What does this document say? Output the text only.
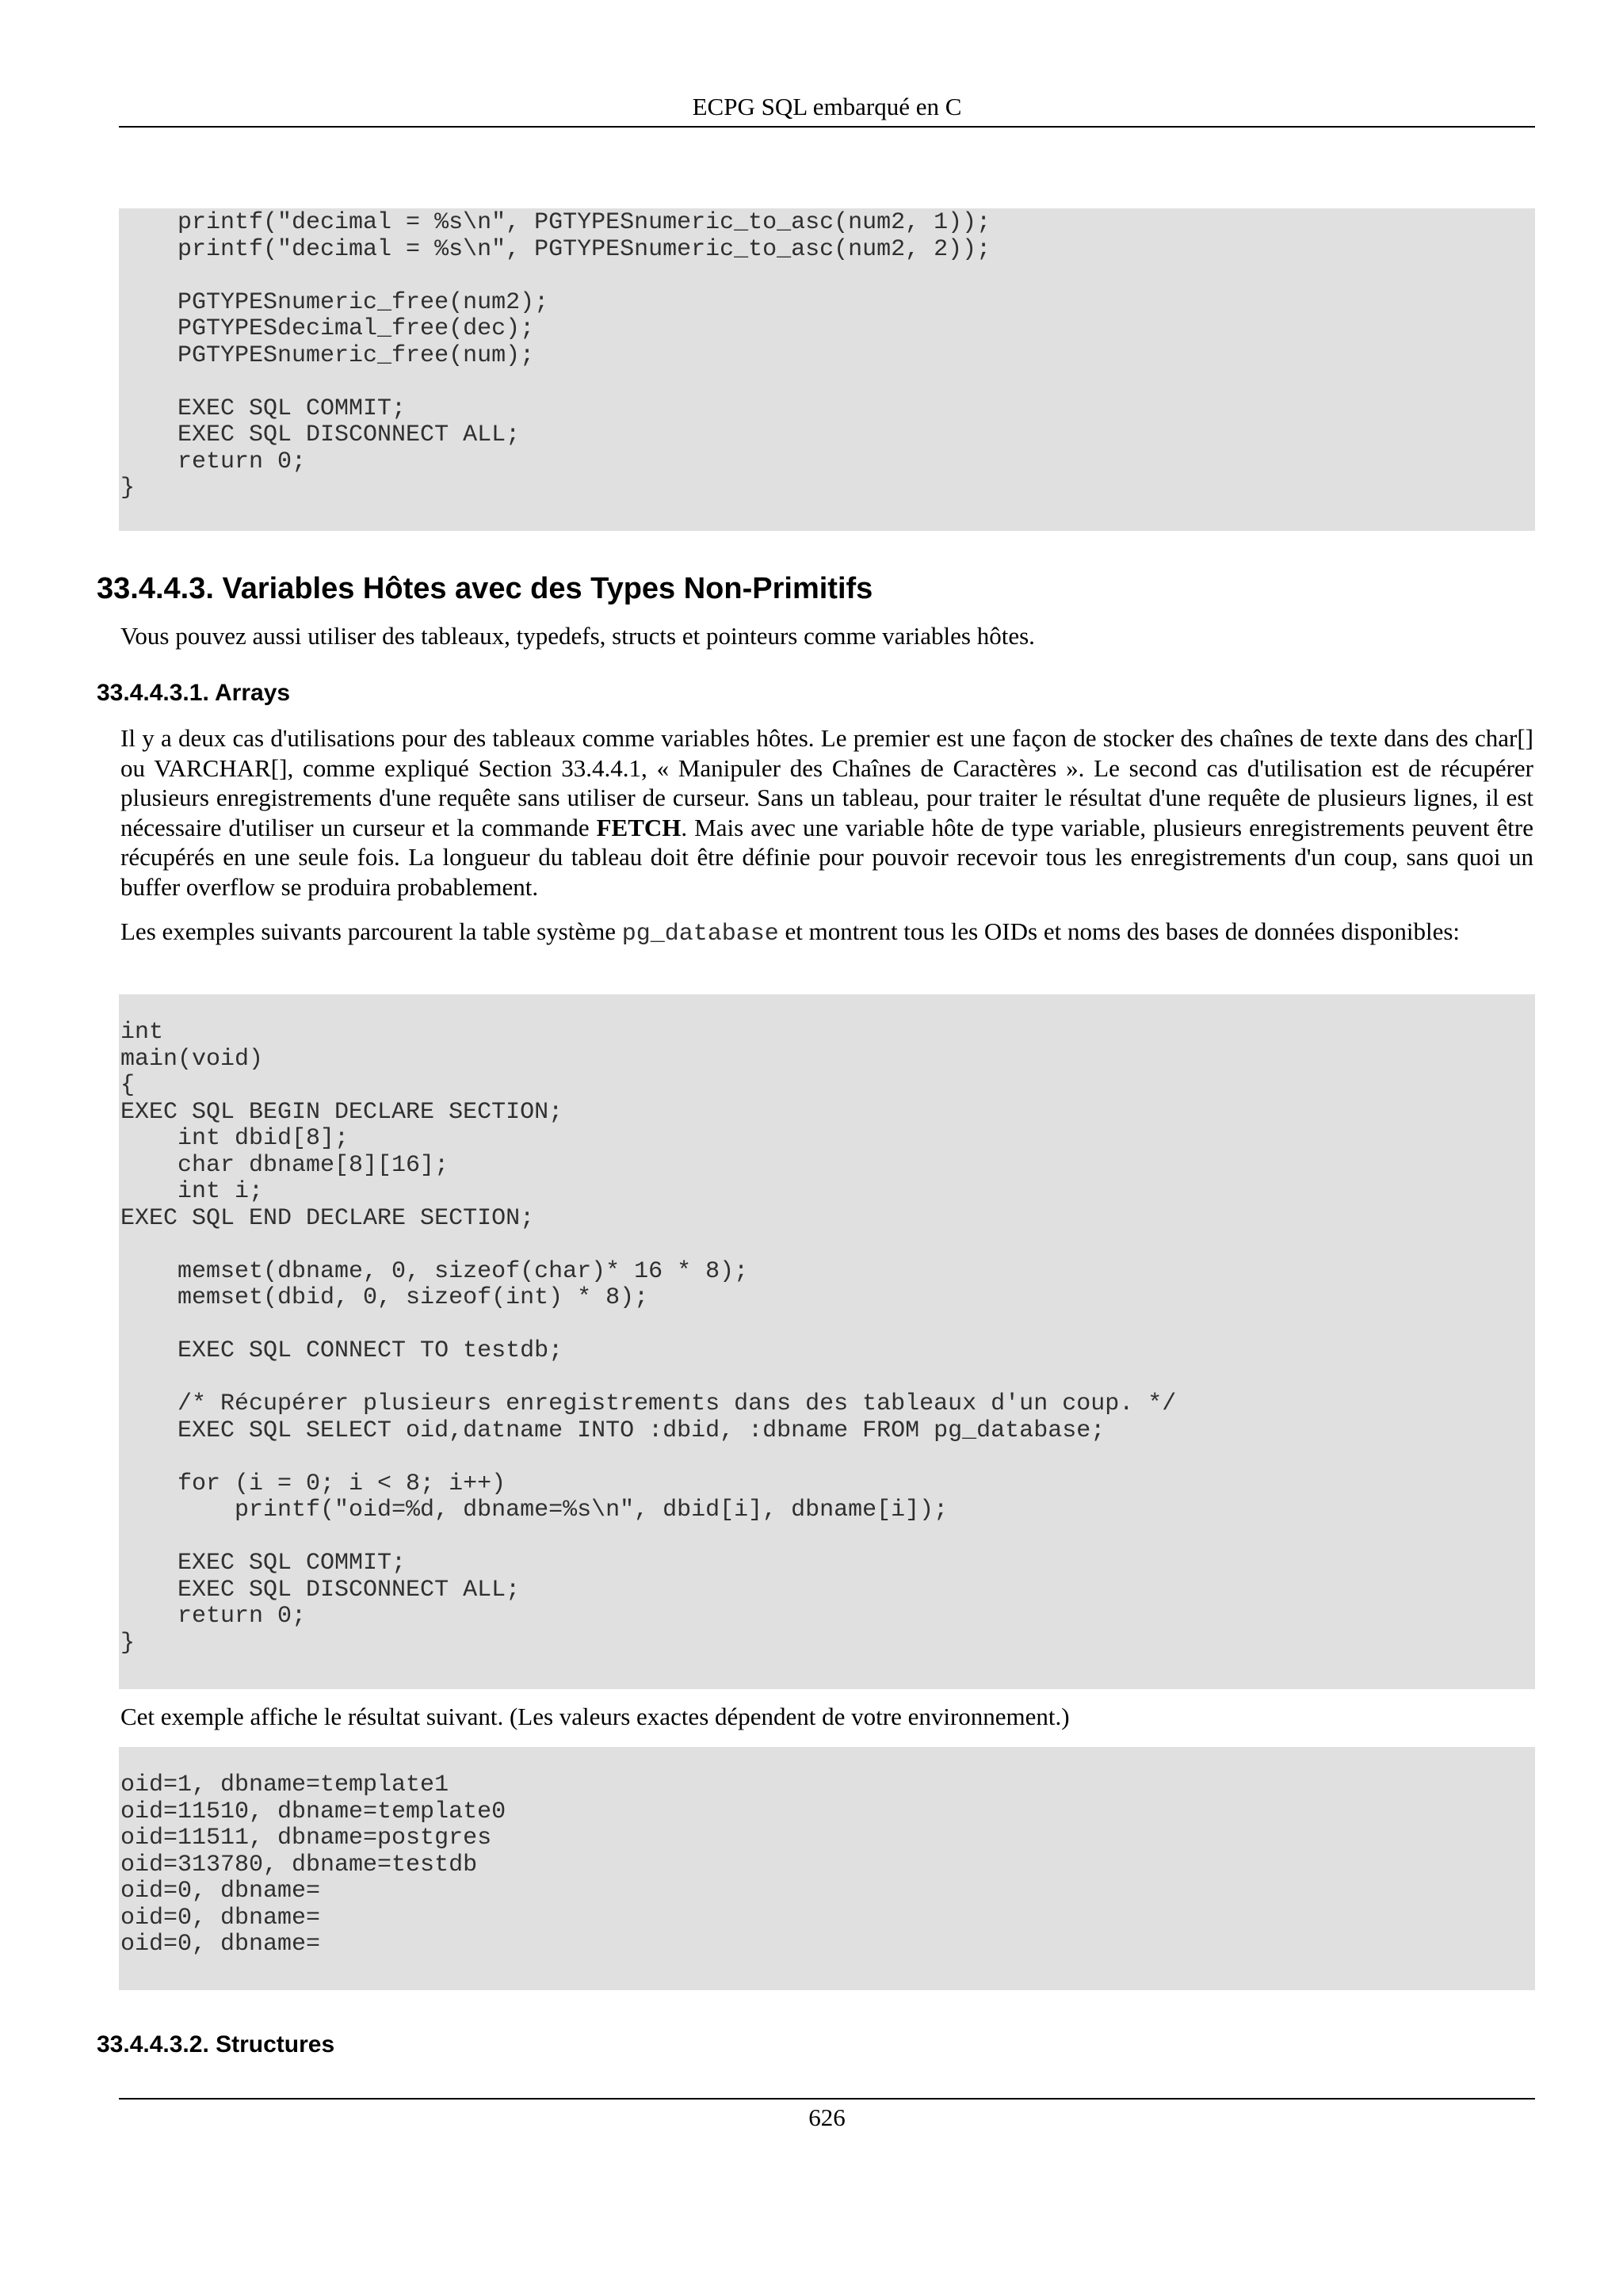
ECPG SQL embarqué en C
printf("decimal = %s\n", PGTYPESnumeric_to_asc(num2, 1));
printf("decimal = %s\n", PGTYPESnumeric_to_asc(num2, 2));

PGTYPESnumeric_free(num2);
PGTYPESdecimal_free(dec);
PGTYPESnumeric_free(num);

EXEC SQL COMMIT;
EXEC SQL DISCONNECT ALL;
return 0;
}
33.4.4.3. Variables Hôtes avec des Types Non-Primitifs

Vous pouvez aussi utiliser des tableaux, typedefs, structs et pointeurs comme variables hôtes.

33.4.4.3.1. Arrays

Il y a deux cas d'utilisations pour des tableaux comme variables hôtes. Le premier est une façon de stocker des chaînes de texte dans des char[] ou VARCHAR[], comme expliqué Section 33.4.4.1, « Manipuler des Chaînes de Caractères ». Le second cas d'utilisation est de récupérer plusieurs enregistrements d'une requête sans utiliser de curseur. Sans un tableau, pour traiter le résultat d'une requête de plusieurs lignes, il est nécessaire d'utiliser un curseur et la commande FETCH. Mais avec une variable hôte de type variable, plusieurs enregistrements peuvent être récupérés en une seule fois. La longueur du tableau doit être définie pour pouvoir recevoir tous les enregistrements d'un coup, sans quoi un buffer overflow se produira probablement.

Les exemples suivants parcourent la table système pg_database et montrent tous les OIDs et noms des bases de données disponibles:

int
main(void)
{
EXEC SQL BEGIN DECLARE SECTION;
int dbid[8];
char dbname[8][16];
int i;
EXEC SQL END DECLARE SECTION;

memset(dbname, 0, sizeof(char)* 16 * 8);
memset(dbid, 0, sizeof(int) * 8);

EXEC SQL CONNECT TO testdb;

/* Récupérer plusieurs enregistrements dans des tableaux d'un coup. */
EXEC SQL SELECT oid,datname INTO :dbid, :dbname FROM pg_database;

for (i = 0; i < 8; i++)
printf("oid=%d, dbname=%s\n", dbid[i], dbname[i]);

EXEC SQL COMMIT;
EXEC SQL DISCONNECT ALL;
return 0;
}

Cet exemple affiche le résultat suivant. (Les valeurs exactes dépendent de votre environnement.)

oid=1, dbname=template1
oid=11510, dbname=template0
oid=11511, dbname=postgres
oid=313780, dbname=testdb
oid=0, dbname=
oid=0, dbname=
oid=0, dbname=
33.4.4.3.2. Structures
626
